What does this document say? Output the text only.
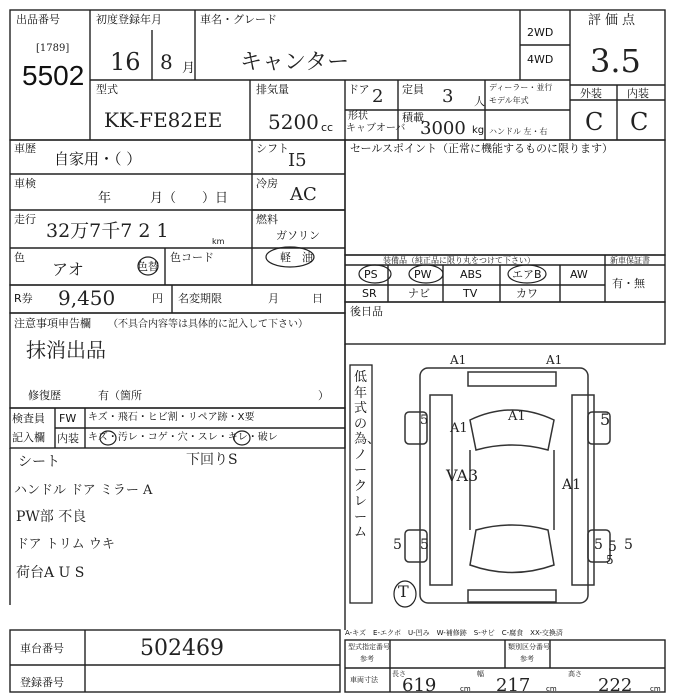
出品番号
[1789]
5502
初度登録年月
16 8 月
車名・グレード
キャンター
2WD
4WD
型式
KK-FE82EE
排気量
5200 cc
ドア 2 定員 3 人
ディーラー・並行
モデル年式
ハンドル 左・右
形状
キャブオーバ
積載
3000 kg
評価点
3.5
外装 内装
C C
車歴
自家用・（ ）
シフト
I5
車検
年　　　月（　　）日
冷房
AC
走行
32万7千7 2 1	km
燃料
ガソリン
軽　油
色
アオ	色替
色コード
R券 9,450	円 名変期限	月　　　日
セールスポイント（正常に機能するものに限ります）
装備品（純正品に限り丸をつけて下さい）	新車保証書
有・無
PS	PW	ABS	エアB	AW
SR	ナビ	TV	カワ
後日品
注意事項申告欄 （不具合内容等は具体的に記入して下さい）
抹消出品
修復歴	有（箇所	）
検査員
記入欄
FW キズ・飛石・ヒビ割・リペア跡・X要
内装 キズ・汚レ・コゲ・穴・スレ・キレ・破レ
シート	下回りS
ハンドル ドア ミラー A
PW部 不良
ドア トリム ウキ
荷台A U S
低年式の為、ノークレーム
A1	A1
A1
A1
5	5
5 5	5 5 5
5
VA3	A1
T
車台番号	502469
登録番号
A-キズ　E-エクボ　U-凹み　W-補修跡　S-サビ　C-腐食　XX-交換済
型式指定番号
参考
類別区分番号
参考
車両寸法
長さ
619	cm
幅
217 cm
高さ
222	cm
